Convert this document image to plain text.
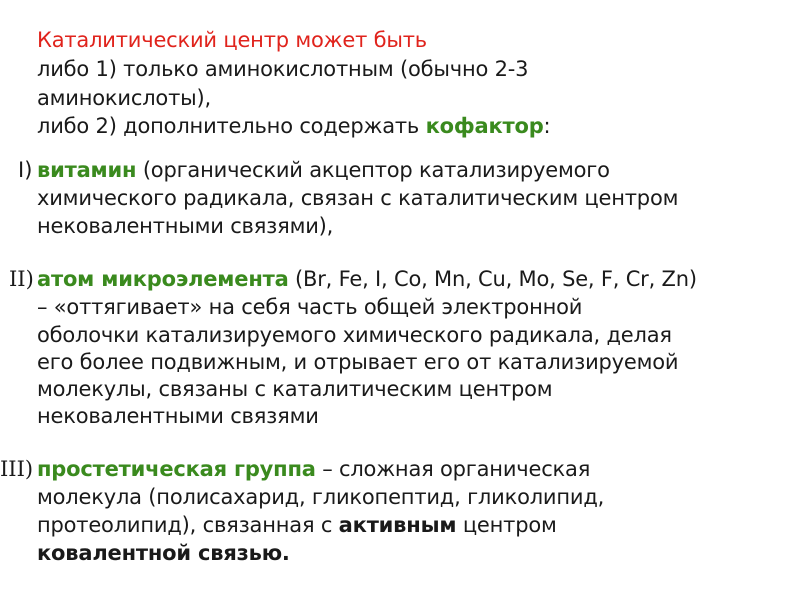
Каталитический центр может быть
либо 1) только аминокислотным (обычно 2-3
аминокислоты),
либо 2) дополнительно содержать кофактор:
I) витамин (органический акцептор катализируемого
химического радикала, связан с каталитическим центром
нековалентными связями),
II) атом микроэлемента (Br, Fe, I, Co, Mn, Cu, Mo, Se, F, Cr, Zn)
– «оттягивает» на себя часть общей электронной
оболочки катализируемого химического радикала, делая
его более подвижным, и отрывает его от катализируемой
молекулы, связаны с каталитическим центром
нековалентными связями
III) простетическая группа – сложная органическая
молекула (полисахарид, гликопептид, гликолипид,
протеолипид), связанная с активным центром
ковалентной связью.
